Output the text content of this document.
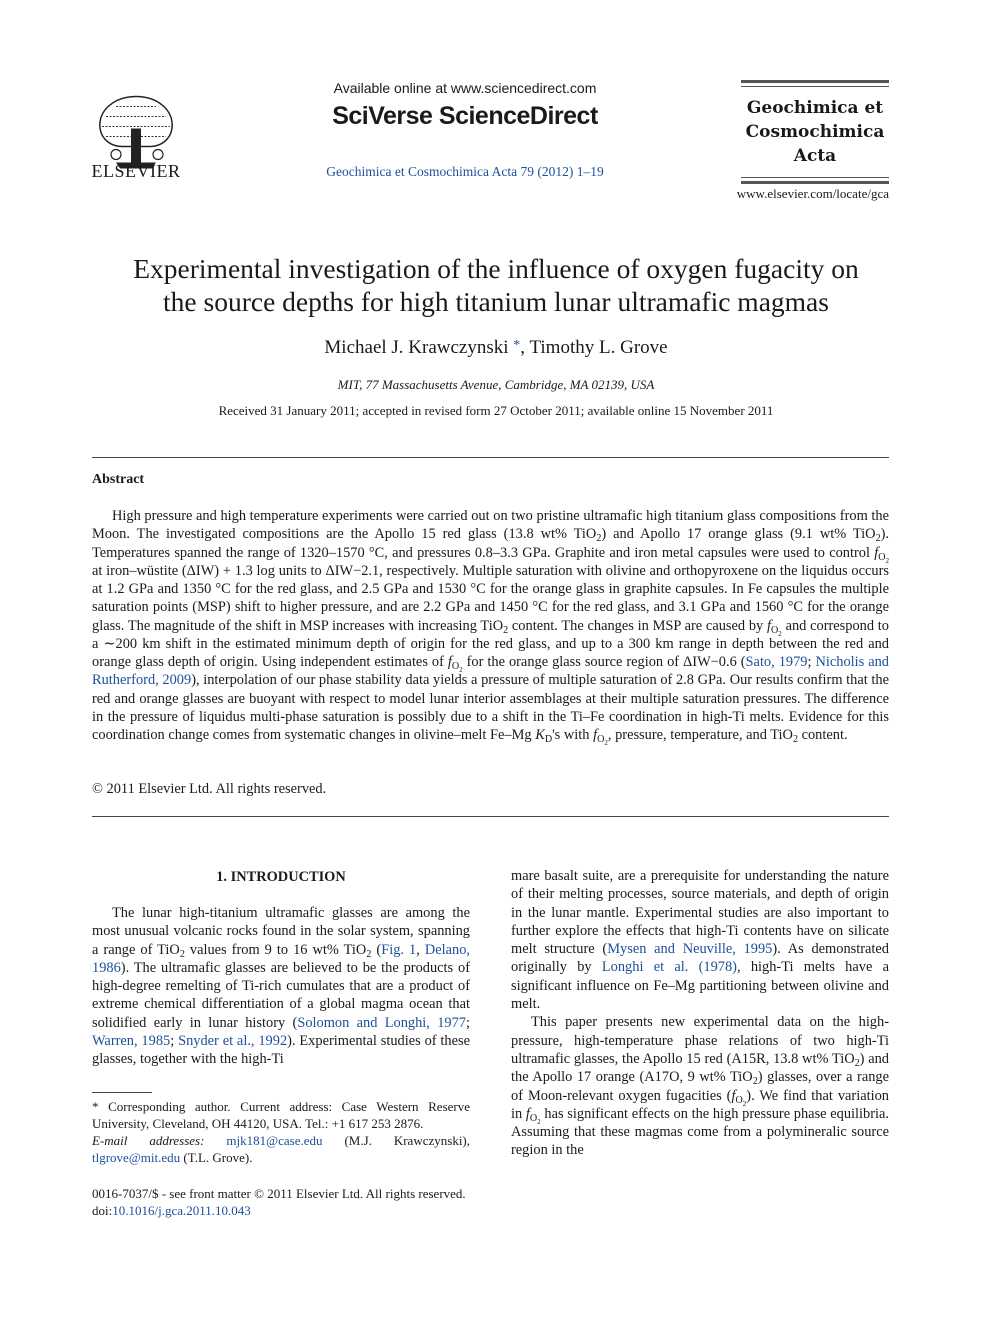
ELSEVIER
Available online at www.sciencedirect.com
SciVerse ScienceDirect
Geochimica et Cosmochimica Acta 79 (2012) 1–19
Geochimica et
Cosmochimica
Acta
www.elsevier.com/locate/gca
Experimental investigation of the influence of oxygen fugacity on
the source depths for high titanium lunar ultramafic magmas
Michael J. Krawczynski *, Timothy L. Grove
MIT, 77 Massachusetts Avenue, Cambridge, MA 02139, USA
Received 31 January 2011; accepted in revised form 27 October 2011; available online 15 November 2011
Abstract
High pressure and high temperature experiments were carried out on two pristine ultramafic high titanium glass compositions from the Moon. The investigated compositions are the Apollo 15 red glass (13.8 wt% TiO$_2$) and Apollo 17 orange glass (9.1 wt% TiO$_2$). Temperatures spanned the range of 1320–1570 °C, and pressures 0.8–3.3 GPa. Graphite and iron metal capsules were used to control $f_{O_2}$ at iron–wüstite (ΔIW) + 1.3 log units to ΔIW−2.1, respectively. Multiple saturation with olivine and orthopyroxene on the liquidus occurs at 1.2 GPa and 1350 °C for the red glass, and 2.5 GPa and 1530 °C for the orange glass in graphite capsules. In Fe capsules the multiple saturation points (MSP) shift to higher pressure, and are 2.2 GPa and 1450 °C for the red glass, and 3.1 GPa and 1560 °C for the orange glass. The magnitude of the shift in MSP increases with increasing TiO$_2$ content. The changes in MSP are caused by $f_{O_2}$ and correspond to a ∼200 km shift in the estimated minimum depth of origin for the red glass, and up to a 300 km range in depth between the red and orange glass depth of origin. Using independent estimates of $f_{O_2}$ for the orange glass source region of ΔIW−0.6 (Sato, 1979; Nicholis and Rutherford, 2009), interpolation of our phase stability data yields a pressure of multiple saturation of 2.8 GPa. Our results confirm that the red and orange glasses are buoyant with respect to model lunar interior assemblages at their multiple saturation pressures. The difference in the pressure of liquidus multi-phase saturation is possibly due to a shift in the Ti–Fe coordination in high-Ti melts. Evidence for this coordination change comes from systematic changes in olivine–melt Fe–Mg $K_D's$ with $f_{O_2}$, pressure, temperature, and TiO$_2$ content.
© 2011 Elsevier Ltd. All rights reserved.
1. INTRODUCTION
The lunar high-titanium ultramafic glasses are among the most unusual volcanic rocks found in the solar system, spanning a range of TiO$_2$ values from 9 to 16 wt% TiO$_2$ (Fig. 1, Delano, 1986). The ultramafic glasses are believed to be the products of high-degree remelting of Ti-rich cumulates that are a product of extreme chemical differentiation of a global magma ocean that solidified early in lunar history (Solomon and Longhi, 1977; Warren, 1985; Snyder et al., 1992). Experimental studies of these glasses, together with the high-Ti

mare basalt suite, are a prerequisite for understanding the nature of their melting processes, source materials, and depth of origin in the lunar mantle. Experimental studies are also important to further explore the effects that high-Ti contents have on silicate melt structure (Mysen and Neuville, 1995). As demonstrated originally by Longhi et al. (1978), high-Ti melts have a significant influence on Fe–Mg partitioning between olivine and melt.

This paper presents new experimental data on the high-pressure, high-temperature phase relations of two high-Ti ultramafic glasses, the Apollo 15 red (A15R, 13.8 wt% TiO$_2$) and the Apollo 17 orange (A17O, 9 wt% TiO$_2$) glasses, over a range of Moon-relevant oxygen fugacities $(f_{O_2})$. We find that variation in $f_{O_2}$ has significant effects on the high pressure phase equilibria. Assuming that these magmas come from a polymineralic source region in the

* Corresponding author. Current address: Case Western Reserve University, Cleveland, OH 44120, USA. Tel.: +1 617 253 2876.
E-mail addresses: mjk181@case.edu (M.J. Krawczynski), tlgrove@mit.edu (T.L. Grove).
0016-7037/$ - see front matter © 2011 Elsevier Ltd. All rights reserved.
doi:10.1016/j.gca.2011.10.043
